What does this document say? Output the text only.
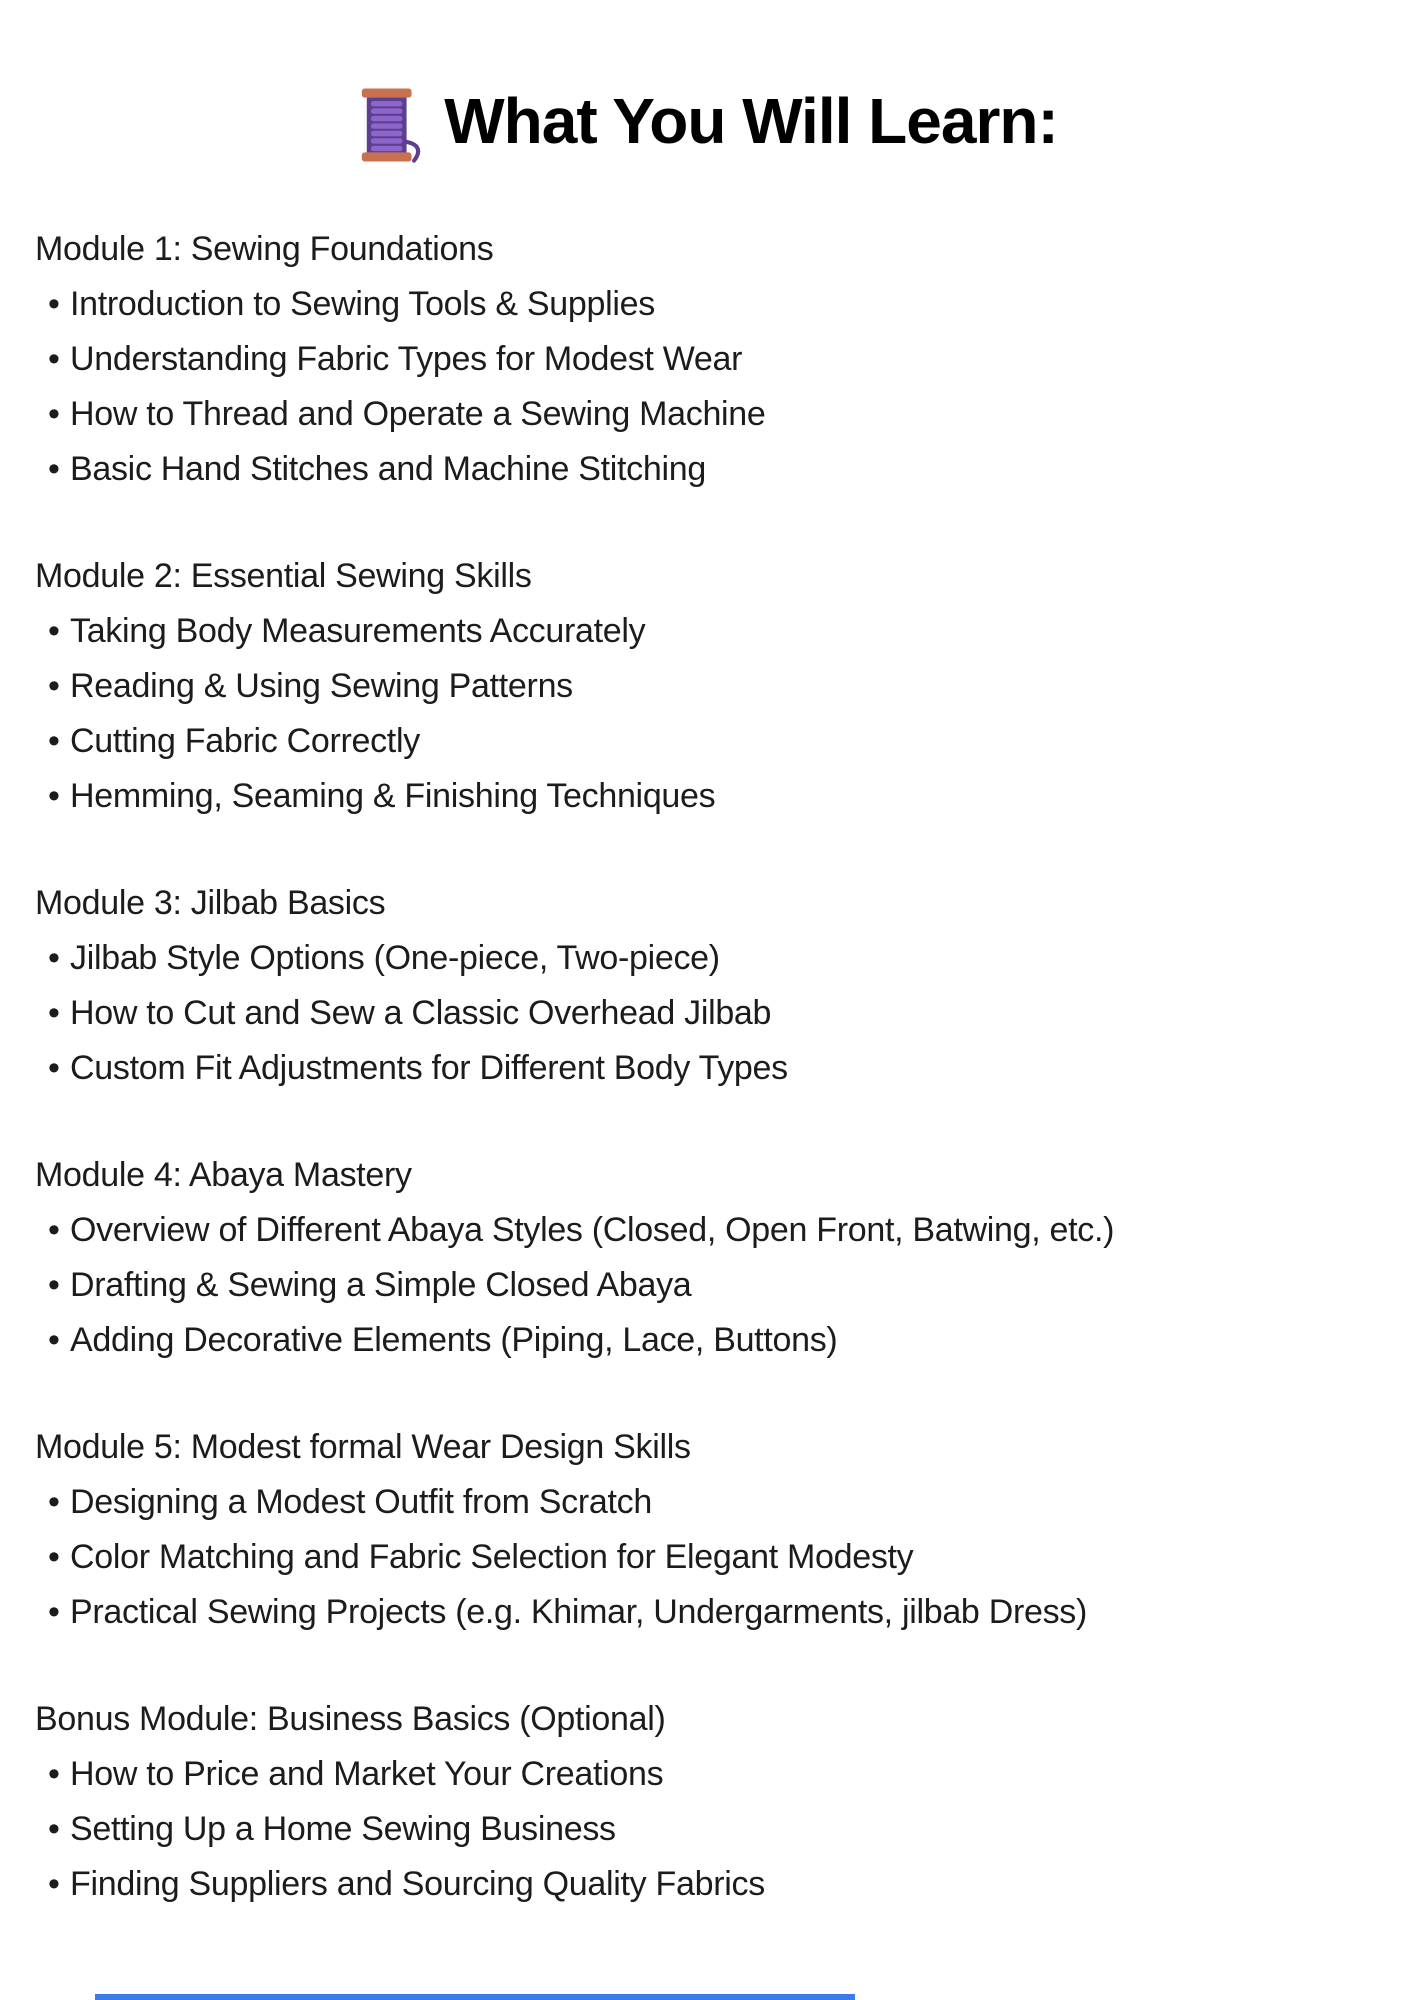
What You Will Learn:
Module 1: Sewing Foundations
• Introduction to Sewing Tools & Supplies
• Understanding Fabric Types for Modest Wear
• How to Thread and Operate a Sewing Machine
• Basic Hand Stitches and Machine Stitching
Module 2: Essential Sewing Skills
• Taking Body Measurements Accurately
• Reading & Using Sewing Patterns
• Cutting Fabric Correctly
• Hemming, Seaming & Finishing Techniques
Module 3: Jilbab Basics
• Jilbab Style Options (One-piece, Two-piece)
• How to Cut and Sew a Classic Overhead Jilbab
• Custom Fit Adjustments for Different Body Types
Module 4: Abaya Mastery
• Overview of Different Abaya Styles (Closed, Open Front, Batwing, etc.)
• Drafting & Sewing a Simple Closed Abaya
• Adding Decorative Elements (Piping, Lace, Buttons)
Module 5: Modest formal Wear Design Skills
• Designing a Modest Outfit from Scratch
• Color Matching and Fabric Selection for Elegant Modesty
• Practical Sewing Projects (e.g. Khimar, Undergarments, jilbab Dress)
Bonus Module: Business Basics (Optional)
• How to Price and Market Your Creations
• Setting Up a Home Sewing Business
• Finding Suppliers and Sourcing Quality Fabrics
